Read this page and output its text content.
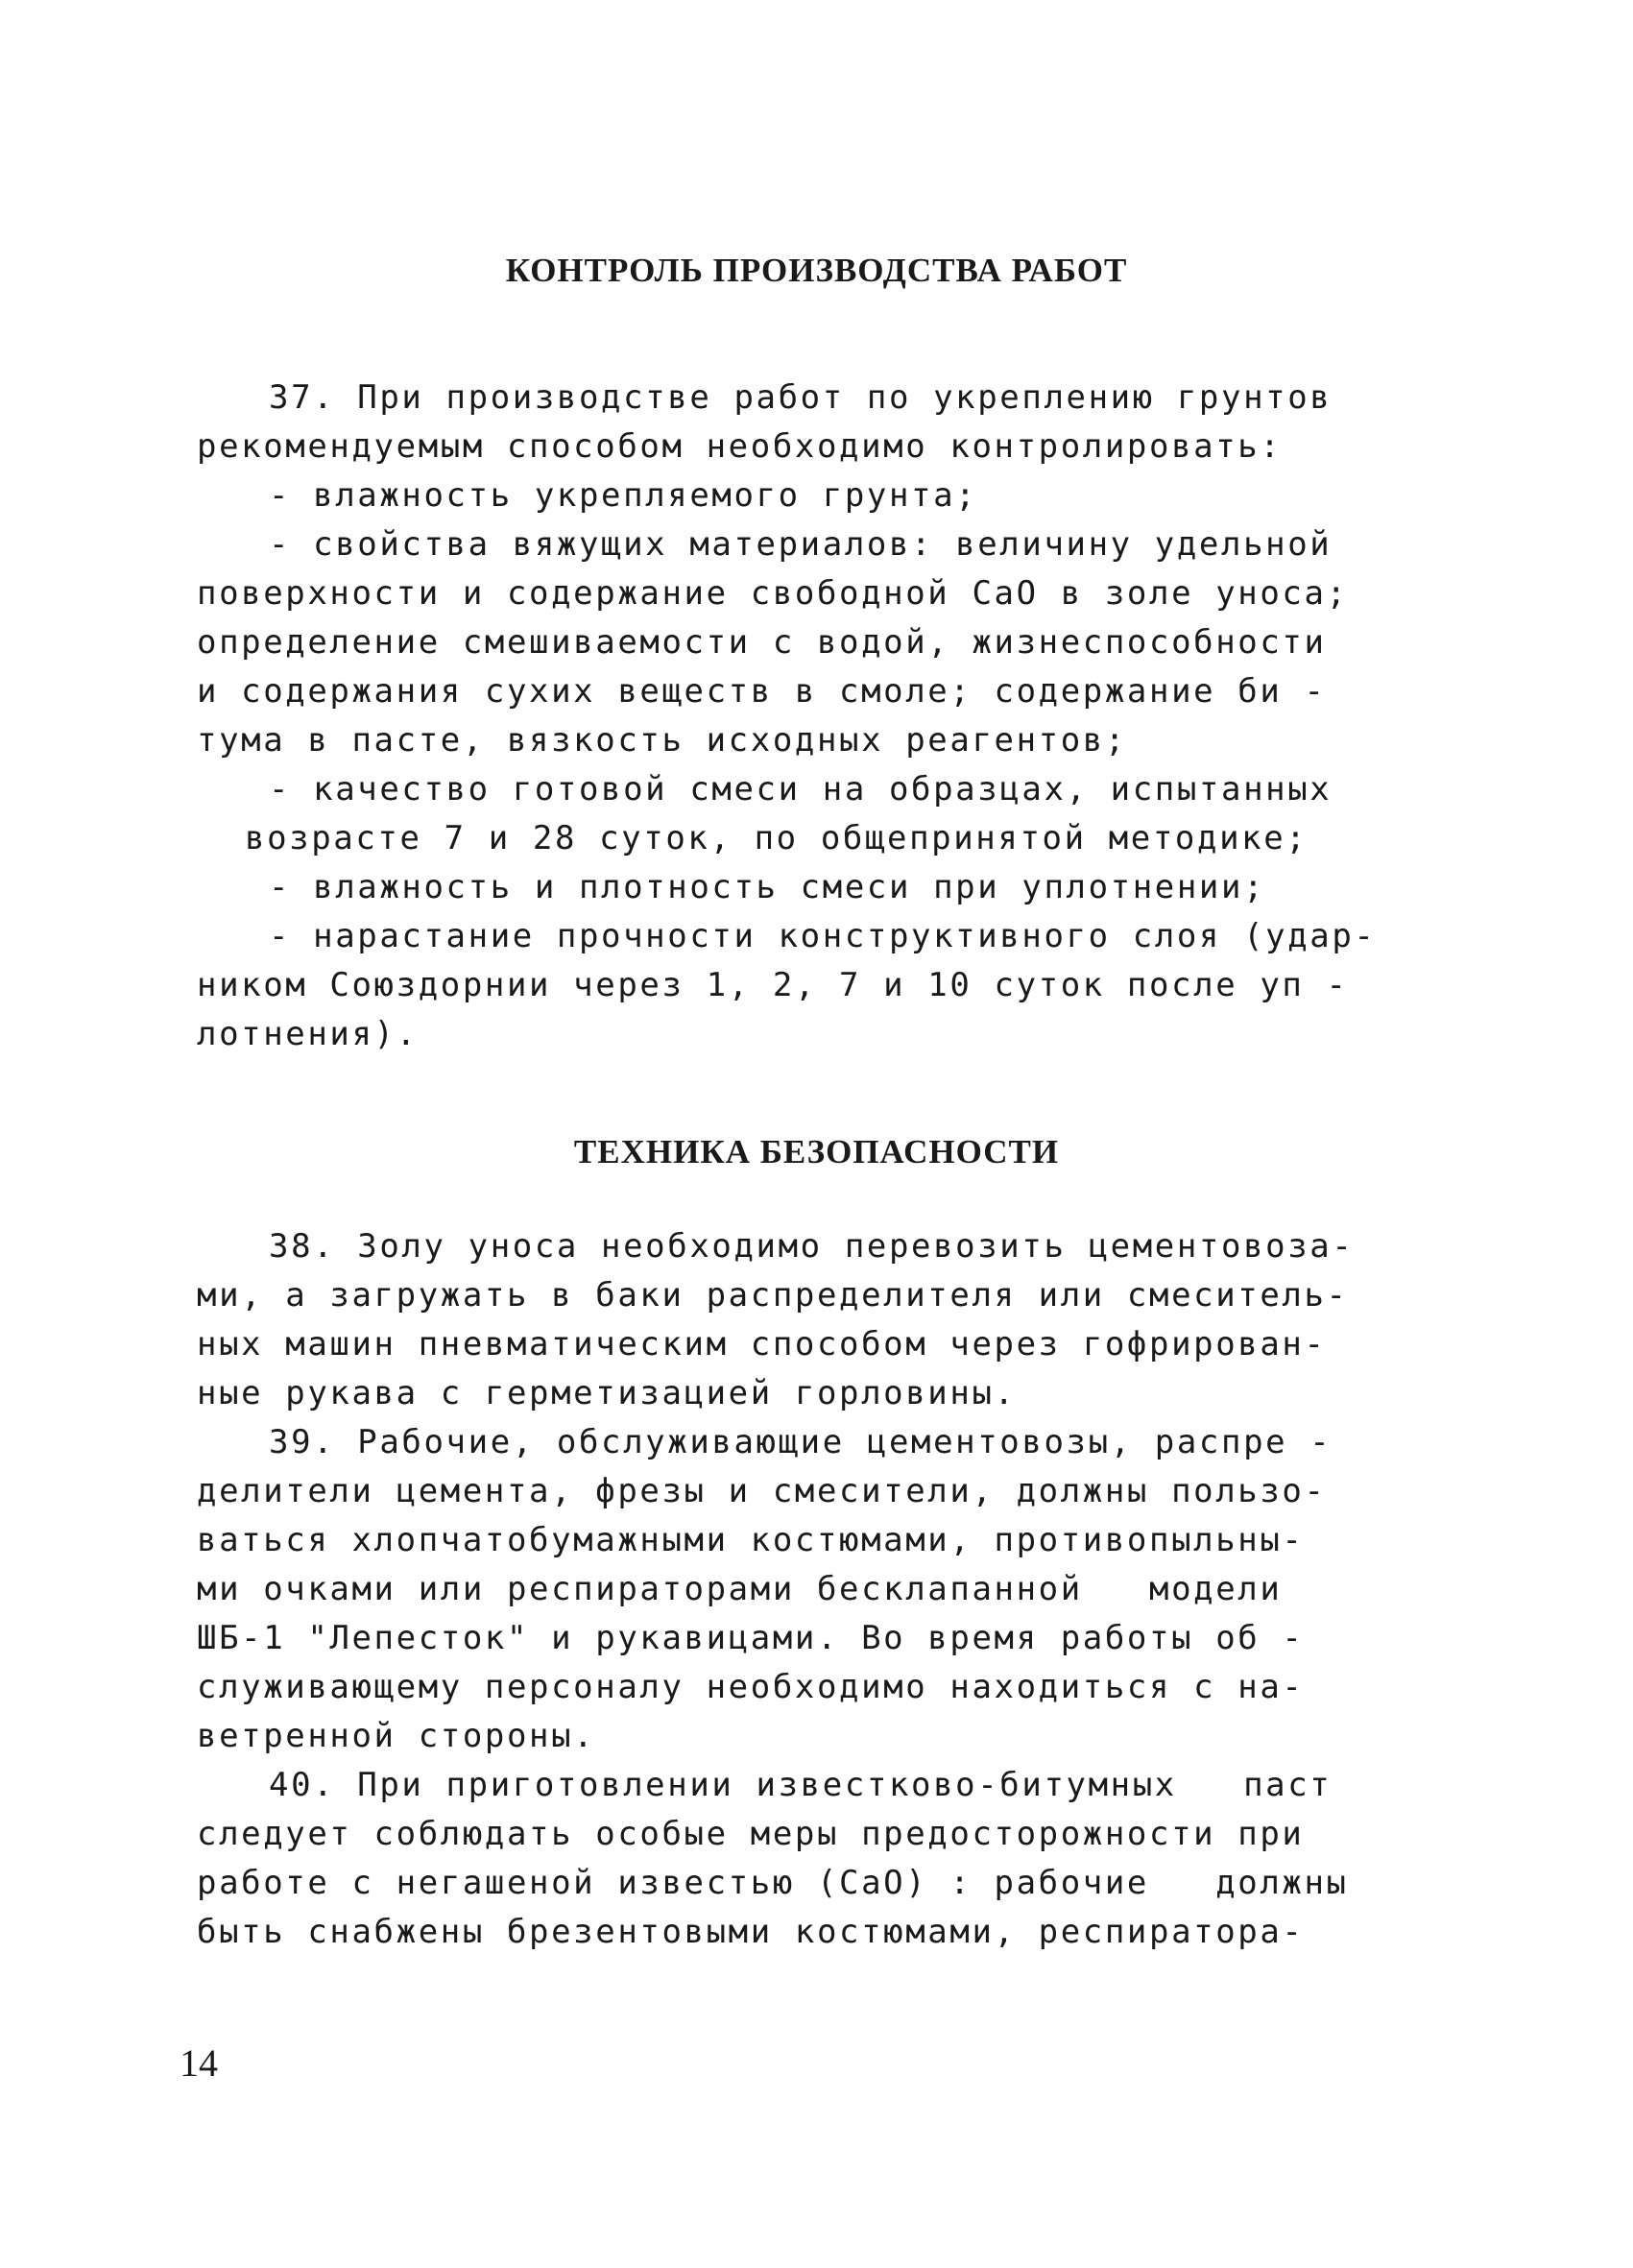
КОНТРОЛЬ ПРОИЗВОДСТВА РАБОТ
37. При производстве работ по укреплению грунтов
рекомендуемым способом необходимо контролировать:
- влажность укрепляемого грунта;
- свойства вяжущих материалов: величину удельной
поверхности и содержание свободной CaO в золе уноса;
определение смешиваемости с водой, жизнеспособности
и содержания сухих веществ в смоле; содержание би -
тума в пасте, вязкость исходных реагентов;
- качество готовой смеси на образцах, испытанных
возрасте 7 и 28 суток, по общепринятой методике;
- влажность и плотность смеси при уплотнении;
- нарастание прочности конструктивного слоя (удар-
ником Союздорнии через 1, 2, 7 и 10 суток после уп -
лотнения).
ТЕХНИКА БЕЗОПАСНОСТИ
38. Золу уноса необходимо перевозить цементовоза-
ми, а загружать в баки распределителя или смеситель-
ных машин пневматическим способом через гофрирован-
ные рукава с герметизацией горловины.
39. Рабочие, обслуживающие цементовозы, распре -
делители цемента, фрезы и смесители, должны пользо-
ваться хлопчатобумажными костюмами, противопыльны-
ми очками или респираторами бесклапанной   модели
ШБ-1 "Лепесток" и рукавицами. Во время работы об -
служивающему персоналу необходимо находиться с на-
ветренной стороны.
40. При приготовлении известково-битумных   паст
следует соблюдать особые меры предосторожности при
работе с негашеной известью (CaO) : рабочие   должны
быть снабжены брезентовыми костюмами, респиратора-
14
